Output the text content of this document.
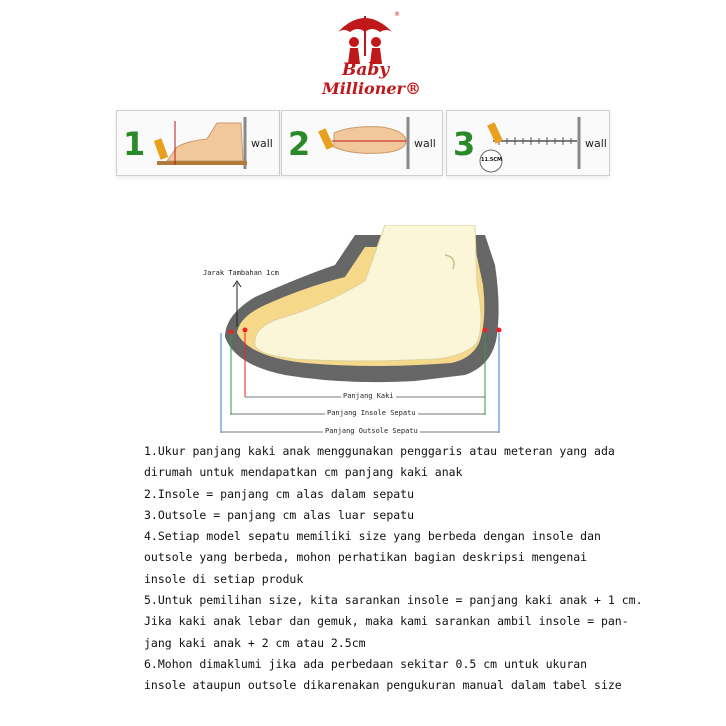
®
Baby
Millioner®
1	wall 2	wall 3	wall
11.5CM
Jarak Tambahan 1cm
Panjang Kaki
Panjang Insole Sepatu
Panjang Outsole Sepatu

1.Ukur panjang kaki anak menggunakan penggaris atau meteran yang ada

dirumah untuk mendapatkan cm panjang kaki anak

2.Insole = panjang cm alas dalam sepatu

3.Outsole = panjang cm alas luar sepatu

4.Setiap model sepatu memiliki size yang berbeda dengan insole dan

outsole yang berbeda, mohon perhatikan bagian deskripsi mengenai

insole di setiap produk

5.Untuk pemilihan size, kita sarankan insole = panjang kaki anak + 1 cm.

Jika kaki anak lebar dan gemuk, maka kami sarankan ambil insole = pan-

jang kaki anak + 2 cm atau 2.5cm

6.Mohon dimaklumi jika ada perbedaan sekitar 0.5 cm untuk ukuran

insole ataupun outsole dikarenakan pengukuran manual dalam tabel size
